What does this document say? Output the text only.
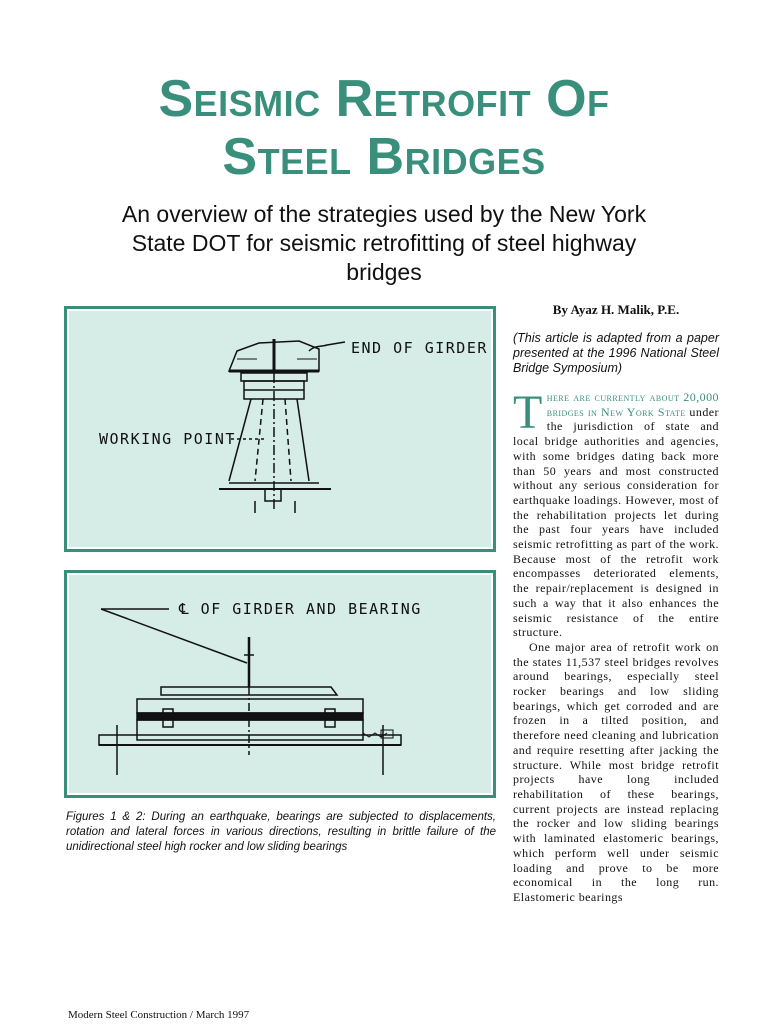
Seismic Retrofit Of
Steel Bridges

An overview of the strategies used by the New York State DOT for seismic retrofitting of steel highway bridges

END OF GIRDER
WORKING POINT
℄ OF GIRDER AND BEARING

Figures 1 & 2: During an earthquake, bearings are subjected to displacements, rotation and lateral forces in various directions, resulting in brittle failure of the unidirectional steel high rocker and low sliding bearings

By Ayaz H. Malik, P.E.

(This article is adapted from a paper presented at the 1996 National Steel Bridge Symposium)

There are currently about 20,000 bridges in New York State under the jurisdiction of state and local bridge authorities and agencies, with some bridges dating back more than 50 years and most constructed without any serious consideration for earthquake loadings. However, most of the rehabilitation projects let during the past four years have included seismic retrofitting as part of the work. Because most of the retrofit work encompasses deteriorated elements, the repair/replacement is designed in such a way that it also enhances the seismic resistance of the entire structure.

One major area of retrofit work on the states 11,537 steel bridges revolves around bearings, especially steel rocker bearings and low sliding bearings, which get corroded and are frozen in a tilted position, and therefore need cleaning and lubrication and require resetting after jacking the structure. While most bridge retrofit projects have long included rehabilitation of these bearings, current projects are instead replacing the rocker and low sliding bearings with laminated elastomeric bearings, which perform well under seismic loading and prove to be more economical in the long run. Elastomeric bearings

Modern Steel Construction / March 1997
